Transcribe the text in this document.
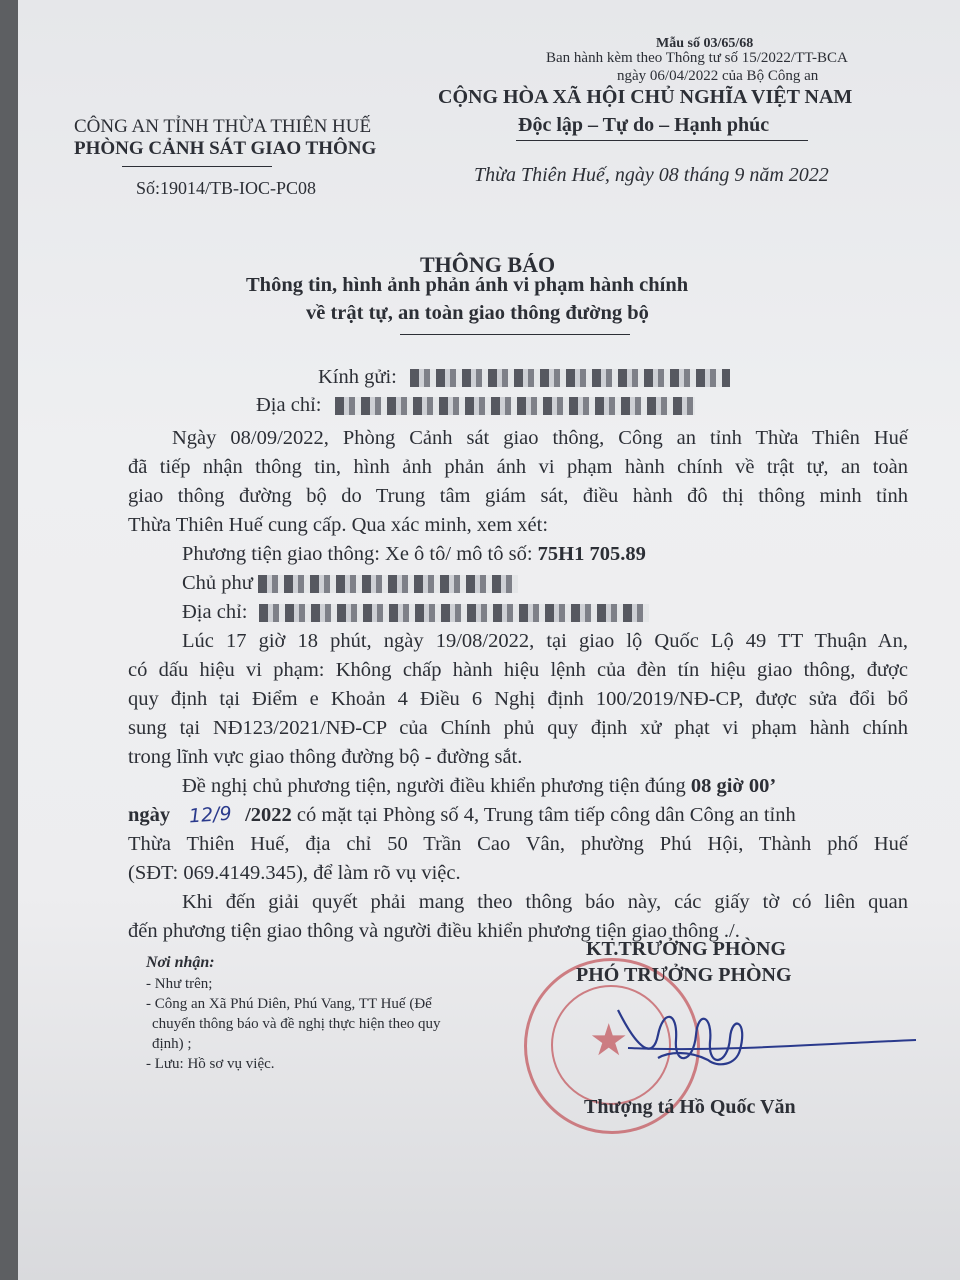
Mẫu số 03/65/68
Ban hành kèm theo Thông tư số 15/2022/TT-BCA
ngày 06/04/2022 của Bộ Công an
CÔNG AN TỈNH THỪA THIÊN HUẾ
PHÒNG CẢNH SÁT GIAO THÔNG
Số:19014/TB-IOC-PC08
CỘNG HÒA XÃ HỘI CHỦ NGHĨA VIỆT NAM
Độc lập – Tự do – Hạnh phúc
Thừa Thiên Huế, ngày 08 tháng 9 năm 2022
THÔNG BÁO
Thông tin, hình ảnh phản ánh vi phạm hành chính
về trật tự, an toàn giao thông đường bộ
Kính gửi:
Địa chỉ:
Ngày 08/09/2022, Phòng Cảnh sát giao thông, Công an tỉnh Thừa Thiên Huế
đã tiếp nhận thông tin, hình ảnh phản ánh vi phạm hành chính về trật tự, an toàn
giao thông đường bộ do Trung tâm giám sát, điều hành đô thị thông minh tỉnh
Thừa Thiên Huế cung cấp. Qua xác minh, xem xét:
Phương tiện giao thông: Xe ô tô/ mô tô số: 75H1 705.89
Chủ phư
Địa chỉ:
Lúc 17 giờ 18 phút, ngày 19/08/2022, tại giao lộ Quốc Lộ 49 TT Thuận An,
có dấu hiệu vi phạm: Không chấp hành hiệu lệnh của đèn tín hiệu giao thông, được
quy định tại Điểm e Khoản 4 Điều 6 Nghị định 100/2019/NĐ-CP, được sửa đổi bổ
sung tại NĐ123/2021/NĐ-CP của Chính phủ quy định xử phạt vi phạm hành chính
trong lĩnh vực giao thông đường bộ - đường sắt.
Đề nghị chủ phương tiện, người điều khiển phương tiện đúng 08 giờ 00’
ngày 12/9 /2022 có mặt tại Phòng số 4, Trung tâm tiếp công dân Công an tỉnh
Thừa Thiên Huế, địa chỉ 50 Trần Cao Vân, phường Phú Hội, Thành phố Huế
(SĐT: 069.4149.345), để làm rõ vụ việc.
Khi đến giải quyết phải mang theo thông báo này, các giấy tờ có liên quan
đến phương tiện giao thông và người điều khiển phương tiện giao thông ./.
Nơi nhận:
- Như trên;
- Công an Xã Phú Diên, Phú Vang, TT Huế (Để
chuyển thông báo và đề nghị thực hiện theo quy
định) ;
- Lưu: Hồ sơ vụ việc.	★
KT.TRƯỞNG PHÒNG
PHÓ TRƯỞNG PHÒNG
Thượng tá Hồ Quốc Văn
